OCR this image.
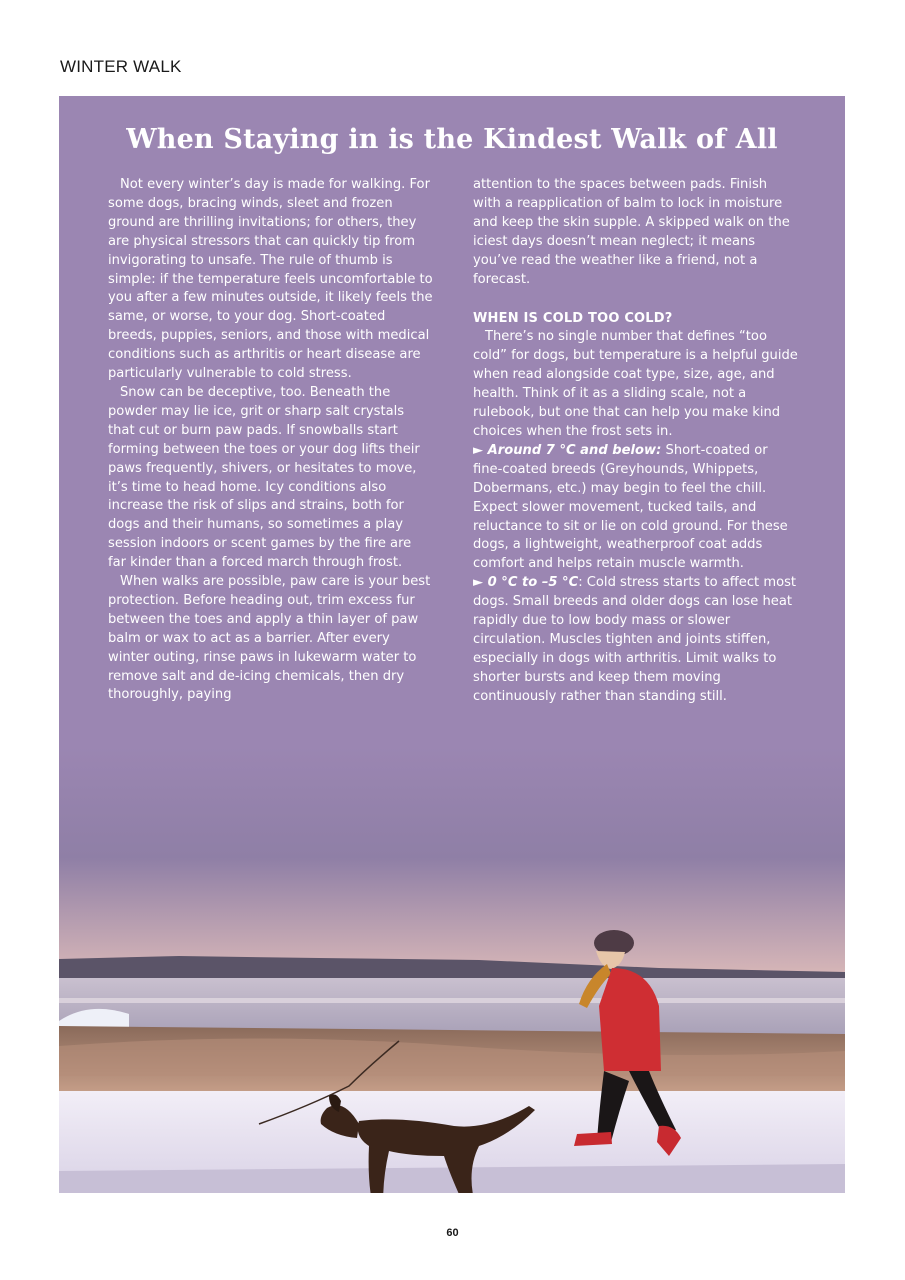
WINTER WALK
When Staying in is the Kindest Walk of All

Not every winter’s day is made for walking. For some dogs, bracing winds, sleet and frozen ground are thrilling invitations; for others, they are physical stressors that can quickly tip from invigorating to unsafe. The rule of thumb is simple: if the temperature feels uncomfortable to you after a few minutes outside, it likely feels the same, or worse, to your dog. Short-coated breeds, puppies, seniors, and those with medical conditions such as arthritis or heart disease are particularly vulnerable to cold stress.

Snow can be deceptive, too. Beneath the powder may lie ice, grit or sharp salt crystals that cut or burn paw pads. If snowballs start forming between the toes or your dog lifts their paws frequently, shivers, or hesitates to move, it’s time to head home. Icy conditions also increase the risk of slips and strains, both for dogs and their humans, so sometimes a play session indoors or scent games by the fire are far kinder than a forced march through frost.

When walks are possible, paw care is your best protection. Before heading out, trim excess fur between the toes and apply a thin layer of paw balm or wax to act as a barrier. After every winter outing, rinse paws in lukewarm water to remove salt and de-icing chemicals, then dry thoroughly, paying

attention to the spaces between pads. Finish with a reapplication of balm to lock in moisture and keep the skin supple. A skipped walk on the iciest days doesn’t mean neglect; it means you’ve read the weather like a friend, not a forecast.

WHEN IS COLD TOO COLD?

There’s no single number that defines “too cold” for dogs, but temperature is a helpful guide when read alongside coat type, size, age, and health. Think of it as a sliding scale, not a rulebook, but one that can help you make kind choices when the frost sets in.

► Around 7 °C and below: Short-coated or fine-coated breeds (Greyhounds, Whippets, Dobermans, etc.) may begin to feel the chill. Expect slower movement, tucked tails, and reluctance to sit or lie on cold ground. For these dogs, a lightweight, weatherproof coat adds comfort and helps retain muscle warmth.

► 0 °C to –5 °C: Cold stress starts to affect most dogs. Small breeds and older dogs can lose heat rapidly due to low body mass or slower circulation. Muscles tighten and joints stiffen, especially in dogs with arthritis. Limit walks to shorter bursts and keep them moving continuously rather than standing still.

60
